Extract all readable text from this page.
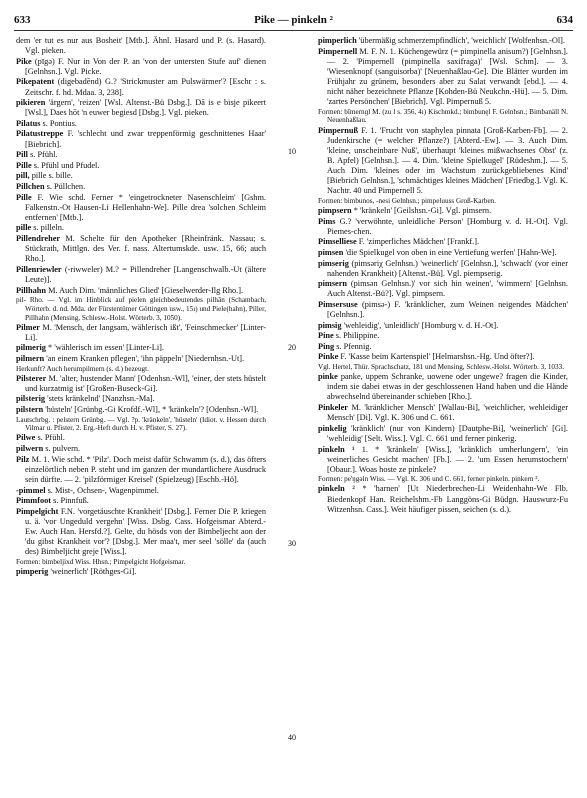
633	Pike — pinkeln ²	634

dem 'er tut es nur aus Bosheit' [Mtb.]. Ähnl. Hasard und P. (s. Hasard). Vgl. pieken.

Pike (pīgə) F. Nur in Von der P. an 'von der untersten Stufe auf' dienen [Gelnhsn.]. Vgl. Picke.

Pikepatent (digebadēnd) G.? 'Strickmuster am Pulswärmer'? [Eschr : s. Zeitschr. f. hd. Mdaa. 3, 238].

pikieren 'ärgern', 'reizen' [Wsl. Altenst.-Bü Dsbg.]. Dā is e bisje pikeert [Wsl.], Daes hōt 'n euwer begiesd [Dsbg.]. Vgl. pieken.

Pilatus s. Pontius.

Pilatustreppe F. 'schlecht und zwar treppenförmig geschnittenes Haar' [Biebrich].

Pill s. Pfühl.

Pille s. Pfühl und Pfudel.

pill, pille s. bille.

Pillchen s. Püllchen.

Pille F. Wie schd. Ferner * 'eingetrockneter Nasenschleim' [Gshm. Falkenstn.-Ot Hausen-Li Hellenhahn-We]. Pille drea 'solchen Schleim entfernen' [Mtb.].

pille s. pilleln.

Pillendreher M. Schelte für den Apotheker [Rheinfränk. Nassau; s. Stückrath, Mittlgn. des Ver. f. nass. Altertumskde. usw. 15, 66; auch Rho.].

Pillenriewler (-riwweler) M.? = Pillendreher [Langenschwalb.-Ut (ältere Leute)].

Pillhahn M. Auch Dim. 'männliches Glied' [Gieselwerder-Ilg Rho.].

pil- Rho. — Vgl. im Hinblick auf pielen gleichbedeutendes pilhān (Schambach, Wörterb. d. nd. Mda. der Fürstentümer Göttingen usw., 15ı) und Piele(hahn), Piller, Pillhahn (Mensing, Schlesw.-Holst. Wörterb. 3, 1050).

Pilmer M. 'Mensch, der langsam, wählerisch ißt', 'Feinschmecker' [Linter-Li].

pilmerig * 'wählerisch im essen' [Linter-Li].

pilmern 'an einem Kranken pflegen', 'ihn päppeln' [Niedernhsn.-Ut].

Herkunft? Auch herumpilmern (s. d.) bezeugt.

Pilsterer M. 'alter, hustender Mann' [Odenhsn.-Wl], 'einer, der stets hüstelt und kurzatmig ist' [Großen-Buseck-Gi].

pilsterig 'stets kränkelnd' [Nanzhsn.-Ma].

pilstern 'hüsteln' [Grünbg.-Gi Krofdf.-Wl], * 'kränkeln'? [Odenhsn.-Wl].

Lautschrbg. : pelstern Grünbg. — Vgl. ?p. 'kränkeln', 'hüsteln' (Idiot. v. Hessen durch Vilmar u. Pfister, 2. Erg.-Heft durch H. v. Pfister, S. 27).

Pilwe s. Pfühl.

pilwern s. pulvern.

Pilz M. 1. Wie schd. * 'Pilz'. Doch meist dafür Schwamm (s. d.), das öfters einzelörtlich neben P. steht und im ganzen der mundartlichere Ausdruck sein dürfte. — 2. 'pilzförmiger Kreisel' (Spielzeug) [Eschb.-Hö].

-pimmel s. Mist-, Ochsen-, Wagenpimmel.

Pimmfoot s. Pinnfuß.

Pimpelgicht F.N. 'vorgetäuschte Krankheit' [Dsbg.]. Ferner Die P. kriegen u. ä. 'vor Ungeduld vergehn' [Wiss. Dsbg. Cass. Hofgeismar Abterd.-Ew. Auch Han. Hersfd.?]. Gelte, du hösds von der Bimbeljecht aon der 'du gibst Krankheit vor'? [Dsbg.]. Mer maa't, mer seel 'sölle' da (auch des) Bimbeljicht greje [Wiss.].

Formen: bimbeljixd Wiss. Hhsn.; Pimpelgicht Hofgeismar.

pimperig 'weinerlich' [Röthges-Gi].

10
20
30
40

pimperlich 'übermäßig schmerzempfindlich', 'weichlich' [Wolfenhsn.-Ol].

Pimpernell M. F. N. 1. Küchengewürz (= pimpinella anisum?) [Gelnhsn.]. — 2. 'Pimpernell (pimpinella saxifraga)' [Wsl. Schm]. — 3. 'Wiesenknopf (sanguisorba)' [Neuenhaßlau-Ge]. Die Blätter wurden im Frühjahr zu grünem, besonders aber zu Salat verwandt [ebd.]. — 4. nicht näher bezeichnete Pflanze [Kohden-Bü Neukchn.-Hü]. — 5. Dim. 'zartes Persönchen' [Biebrich]. Vgl. Pimpernuß 5.

Formen: bīmernɡl M. (zu l s. 356, 4ı) Kischmkd.; bimbunęl F. Gelnhsn.; Bimbanäll N. Neuenhaßlau.

Pimpernuß F. 1. 'Frucht von staphylea pinnata [Groß-Karben-Fb]. — 2. Judenkirsche (= welcher Pflanze?) [Abterd.-Ew]. — 3. Auch Dim. 'kleine, unscheinbare Nuß', überhaupt 'kleines mißwachsenes Obst' (z. B. Apfel) [Gelnhsn.]. — 4. Dim. 'kleine Spielkugel' [Rüdeshm.]. — 5. Auch Dim. 'kleines oder im Wachstum zurückgebliebenes Kind' [Biebrich Gelnhsn.], 'schmächtiges kleines Mädchen' [Friedbg.]. Vgl. K. Nachtr. 40 und Pimpernell 5.

Formen: bimbunos, -nesi Gelnhsn.; pimpeluuss Groß-Karben.

pimpsern * 'kränkeln' [Geilshsn.-Gi]. Vgl. pimsern.

Pims G.? 'verwöhnte, unleidliche Person' [Homburg v. d. H.-Ot]. Vgl. Piemes-chen.

Pimselliese F. 'zimperliches Mädchen' [Frankf.].

pimsen 'die Spielkugel von oben in eine Vertiefung werfen' [Hahn-We].

pimserig (pimsəriχ Gelnhsn.) 'weinerlich' [Gelnhsn.], 'schwach' (vor einer nahenden Krankheit) [Altenst.-Bü]. Vgl. piempserig.

pimsern (pimsən Gelnhsn.)' vor sich hin weinen', 'wimmern' [Gelnhsn. Auch Altenst.-Bü?]. Vgl. pimpsern.

Pimsersuse (pimsə-) F. 'kränklicher, zum Weinen neigendes Mädchen' [Gelnhsn.].

pimsig 'wehleidig', 'unleidlich' [Homburg v. d. H.-Ot].

Pine s. Philippine.

Ping s. Pfennig.

Pinke F. 'Kasse beim Kartenspiel' [Helmarshsn.-Hg. Und öfter?].

Vgl. Hertel, Thür. Sprachschatz, 181 und Mensing, Schlesw.-Holst. Wörterb. 3, 1033.

pinke panke, uppem Schranke, uowene oder ungewe? fragen die Kinder, indem sie dabei etwas in der geschlossenen Hand haben und die Hände abwechselnd übereinander schieben [Rho.].

Pinkeler M. 'kränklicher Mensch' [Wallau-Bi], 'weichlicher, wehleidiger Mensch' [Di]. Vgl. K. 306 und C. 661.

pinkelig 'kränklich' (nur von Kindern) [Dautphe-Bi], 'weinerlich' [Gi]. 'wehleidig' [Selt. Wiss.]. Vgl. C. 661 und ferner pinkerig.

pinkeln ¹ 1. * 'kränkeln' [Wiss.], 'kränklich umherlungern', 'ein weinerliches Gesicht machen' [Fb.]. — 2. 'um Essen herumstochern' [Obaur.]. Woas hoste ze pinkele?

Formen: pe'ŋgəln Wiss. — Vgl. K. 306 und C. 661, ferner pinkeln. pinkern ².

pinkeln ² * 'harnen' [Ut Niederbrechen-Li Weidenhahn-We Flb. Biedenkopf Han. Reichelshm.-Fb Langgöns-Gi Büdgn. Hauswurz-Fu Witzenhsn. Cass.]. Weit häufiger pissen, seichen (s. d.).
